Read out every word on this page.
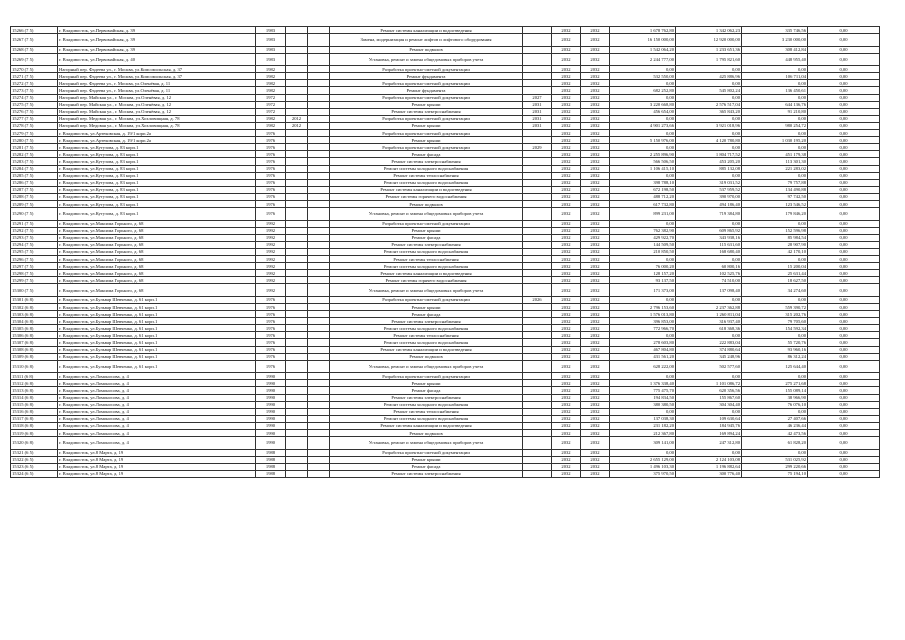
15266 (7 5)	г. Владивосток, ул.Первомайская, д. 39	1983			Ремонт системы канализации и водоотведения		2032	2032	1 678 762,80	1 342 062,23	335 746,56	0,00
15267 (7 5)	г. Владивосток, ул.Первомайская, д. 39	1983			Замена, модернизация и ремонт лифтов и лифтового оборудования		2032	2032	16 150 000,00	12 920 000,00	3 230 000,00	0,00
15268 (7 5)	г. Владивосток, ул.Первомайская, д. 39	1983			Ремонт подвалов		2032	2032	1 542 064,20	1 233 651,36	308 412,84	0,00
15269 (7 5)	г. Владивосток, ул.Первомайская, д. 40	1983			Установка, ремонт и замена общедомовых приборов учета		2032	2032	2 244 777,00	1 795 821,60	448 955,40	0,00
15270 (7 5)	Нагорный пер. Фадеева ул., г. Москва, ул.Комсомольская, д. 37	1982			Разработка проектно-сметной документации		2032	2032	0,00	0,00	0,00	0,00
15271 (7 5)	Нагорный пер. Фадеева ул., г. Москва, ул.Комсомольская, д. 37	1982			Ремонт фундамента		2032	2032	532 550,00	425 886,96	106 711,04	0,00
15272 (7 5)	Нагорный пер. Фадеева ул., г. Москва, ул.Оленёвая, д. 11	1982			Разработка проектно-сметной документации		2032	2032	0,00	0,00	0,00	0,00
15273 (7 5)	Нагорный пер. Фадеева ул., г. Москва, ул.Оленёвая, д. 11	1982			Ремонт фундамента		2032	2032	682 252,80	545 802,24	136 450,61	0,00
15274 (7 5)	Нагорный пер. Майская ул., г. Москва, ул.Оленёвая, д. 12	1972			Разработка проектно-сметной документации	2027	2032	2032	0,00	0,00	0,00	0,00
15275 (7 5)	Нагорный пер. Майская ул., г. Москва, ул.Оленёвая, д. 12	1972			Ремонт крыши	2031	2032	2032	3 220 668,80	2 576 517,04	644 136,76	0,00
15276 (7 5)	Нагорный пер. Майская ул., г. Москва, ул.Оленёвая, д. 12	1972			Ремонт системы электроснабжения	2031	2032	2032	456 654,00	365 843,20	91 210,80	0,00
15277 (7 5)	Нагорный пер. Медовая ул., г. Москва, ул.Хохловищная, д. 78	1982	2012		Разработка проектно-сметной документации	2031	2032	2032	0,00	0,00	0,00	0,00
15278 (7 5)	Нагорный пер. Медовая ул., г. Москва, ул.Хохловищная, д. 78	1982	2012		Ремонт крыши	2031	2032	2032	4 901 273,66	3 921 018,96	980 254,72	0,00
15279 (7 5)	г. Владивосток, ул.Артековская, д. 19/1 корп.2а	1976			Разработка проектно-сметной документации		2032	2032	0,00	0,00	0,00	0,00
15280 (7 5)	г. Владивосток, ул.Артековская, д. 19/1 корп.2а	1976			Ремонт крыши		2032	2032	5 150 976,00	4 120 780,80	1 030 195,20	0,00
15281 (7 5)	г. Владивосток, ул.Кутузова, д. 83 корп.1	1976			Разработка проектно-сметной документации	2029	2032	2032	0,00	0,00	0,00	0,00
15282 (7 5)	г. Владивосток, ул.Кутузова, д. 83 корп.1	1976			Ремонт фасада		2032	2032	2 255 896,90	1 804 717,52	451 179,38	0,00
15283 (7 5)	г. Владивосток, ул.Кутузова, д. 83 корп.1	1976			Ремонт системы электроснабжения		2032	2032	566 506,50	453 205,20	113 301,30	0,00
15284 (7 5)	г. Владивосток, ул.Кутузова, д. 83 корп.1	1976			Ремонт системы холодного водоснабжения		2032	2032	1 106 415,10	885 132,08	221 283,02	0,00
15285 (7 5)	г. Владивосток, ул.Кутузова, д. 83 корп.1	1976			Ремонт системы теплоснабжения		2032	2032	0,00	0,00	0,00	0,00
15286 (7 5)	г. Владивосток, ул.Кутузова, д. 83 корп.1	1976			Ремонт системы холодного водоснабжения		2032	2032	398 788,10	319 031,52	79 757,88	0,00
15287 (7 5)	г. Владивосток, ул.Кутузова, д. 83 корп.1	1976			Ремонт системы канализации и водоотведения		2032	2032	672 198,50	537 959,52	134 490,88	0,00
15288 (7 5)	г. Владивосток, ул.Кутузова, д. 83 корп.1	1976			Ремонт системы горячего водоснабжения		2032	2032	488 712,20	390 970,00	97 742,50	0,00
15289 (7 5)	г. Владивосток, ул.Кутузова, д. 83 корп.1	1976			Ремонт подвалов		2032	2032	617 732,80	494 186,40	123 546,52	0,00
15290 (7 5)	г. Владивосток, ул.Кутузова, д. 83 корп.1	1976			Установка, ремонт и замена общедомовых приборов учета		2032	2032	899 231,00	719 384,80	179 846,20	0,00
15291 (7 5)	г. Владивосток, ул.Максима Горького, д. 68	1992			Разработка проектно-сметной документации		2032	2032	0,00	0,00	0,00	0,00
15292 (7 5)	г. Владивосток, ул.Максима Горького, д. 68	1992			Ремонт крыши		2032	2032	762 382,90	609 865,92	152 596,98	0,00
15293 (7 5)	г. Владивосток, ул.Максима Горького, д. 68	1992			Ремонт фасада		2032	2032	429 922,70	343 938,16	85 984,54	0,00
15294 (7 5)	г. Владивосток, ул.Максима Горького, д. 68	1992			Ремонт системы электроснабжения		2032	2032	144 509,50	115 631,60	28 907,90	0,00
15295 (7 5)	г. Владивосток, ул.Максима Горького, д. 68	1992			Ремонт системы холодного водоснабжения		2032	2032	210 850,50	168 680,40	42 170,10	0,00
15296 (7 5)	г. Владивосток, ул.Максима Горького, д. 68	1992			Ремонт системы теплоснабжения		2032	2032	0,00	0,00	0,00	0,00
15297 (7 5)	г. Владивосток, ул.Максима Горького, д. 68	1992			Ремонт системы холодного водоснабжения		2032	2032	76 000,20	60 800,16	15 200,04	0,00
15298 (7 5)	г. Владивосток, ул.Максима Горького, д. 68	1992			Ремонт системы канализации и водоотведения		2032	2032	128 157,20	102 525,76	25 631,44	0,00
15299 (7 5)	г. Владивосток, ул.Максима Горького, д. 68	1992			Ремонт системы горячего водоснабжения		2032	2032	93 137,50	74 510,00	18 627,50	0,00
15300 (7 5)	г. Владивосток, ул.Максима Горького, д. 68	1992			Установка, ремонт и замена общедомовых приборов учета		2032	2032	171 373,00	137 098,40	34 274,60	0,00
15301 (6 8)	г. Владивосток, ул.Бульвар Шевченко, д. 61 корп.1	1976			Разработка проектно-сметной документации	2026	2032	2032	0,00	0,00	0,00	0,00
15302 (6 8)	г. Владивосток, ул.Бульвар Шевченко, д. 61 корп.1	1976			Ремонт крыши		2032	2032	2 796 153,60	2 237 362,88	559 390,72	0,00
15303 (6 8)	г. Владивосток, ул.Бульвар Шевченко, д. 61 корп.1	1976			Ремонт фасада		2032	2032	1 576 013,80	1 260 811,04	315 202,76	0,00
15304 (6 8)	г. Владивосток, ул.Бульвар Шевченко, д. 61 корп.1	1976			Ремонт системы электроснабжения		2032	2032	396 853,00	316 937,40	79 705,60	0,00
15305 (6 8)	г. Владивосток, ул.Бульвар Шевченко, д. 61 корп.1	1976			Ремонт системы холодного водоснабжения		2032	2032	772 966,70	618 368,36	154 592,34	0,00
15306 (6 8)	г. Владивосток, ул.Бульвар Шевченко, д. 61 корп.1	1976			Ремонт системы теплоснабжения		2032	2032	0,00	0,00	0,00	0,00
15307 (6 8)	г. Владивосток, ул.Бульвар Шевченко, д. 61 корп.1	1976			Ремонт системы холодного водоснабжения		2032	2032	278 603,80	222 883,04	55 720,76	0,00
15308 (6 8)	г. Владивосток, ул.Бульвар Шевченко, д. 61 корп.1	1976			Ремонт системы канализации и водоотведения		2032	2032	467 804,80	374 880,64	93 960,16	0,00
15309 (6 8)	г. Владивосток, ул.Бульвар Шевченко, д. 61 корп.1	1976			Ремонт подвалов		2032	2032	431 561,20	345 248,96	86 312,24	0,00
15310 (6 8)	г. Владивосток, ул.Бульвар Шевченко, д. 61 корп.1	1976			Установка, ремонт и замена общедомовых приборов учета		2032	2032	628 222,00	502 577,60	125 644,40	0,00
15311 (6 8)	г. Владивосток, ул.Ломоносова, д. 4	1990			Разработка проектно-сметной документации		2032	2032	0,00	0,00	0,00	0,00
15312 (6 8)	г. Владивосток, ул.Ломоносова, д. 4	1990			Ремонт крыши		2032	2032	1 376 338,40	1 101 086,72	275 271,68	0,00
15313 (6 8)	г. Владивосток, ул.Ломоносова, д. 4	1990			Ремонт фасада		2032	2032	775 475,70	620 356,56	155 089,14	0,00
15314 (6 8)	г. Владивосток, ул.Ломоносова, д. 4	1990			Ремонт системы электроснабжения		2032	2032	194 834,50	155 867,60	38 966,90	0,00
15315 (6 8)	г. Владивосток, ул.Ломоносова, д. 4	1990			Ремонт системы холодного водоснабжения		2032	2032	380 380,50	304 304,40	76 076,10	0,00
15316 (6 8)	г. Владивосток, ул.Ломоносова, д. 4	1990			Ремонт системы теплоснабжения		2032	2032	0,00	0,00	0,00	0,00
15317 (6 8)	г. Владивосток, ул.Ломоносова, д. 4	1990			Ремонт системы холодного водоснабжения		2032	2032	137 038,30	109 630,64	27 407,66	0,00
15318 (6 8)	г. Владивосток, ул.Ломоносова, д. 4	1990			Ремонт системы канализации и водоотведения		2032	2032	231 182,20	184 945,76	46 236,44	0,00
15319 (6 8)	г. Владивосток, ул.Ломоносова, д. 4	1990			Ремонт подвалов		2032	2032	212 367,80	169 894,24	42 473,56	0,00
15320 (6 8)	г. Владивосток, ул.Ломоносова, д. 4	1990			Установка, ремонт и замена общедомовых приборов учета		2032	2032	309 141,00	247 312,80	61 828,20	0,00
15321 (6 5)	г. Владивосток, ул.8 Марта, д. 19	1988			Разработка проектно-сметной документации		2032	2032	0,00	0,00	0,00	0,00
15322 (6 5)	г. Владивосток, ул.8 Марта, д. 19	1988			Ремонт крыши		2032	2032	2 655 129,00	2 124 103,08	531 025,92	0,00
15323 (6 5)	г. Владивосток, ул.8 Марта, д. 19	1988			Ремонт фасада		2032	2032	1 496 103,30	1 196 882,64	299 220,66	0,00
15324 (6 5)	г. Владивосток, ул.8 Марта, д. 19	1988			Ремонт системы электроснабжения		2032	2032	375 970,50	300 776,40	75 194,10	0,00
